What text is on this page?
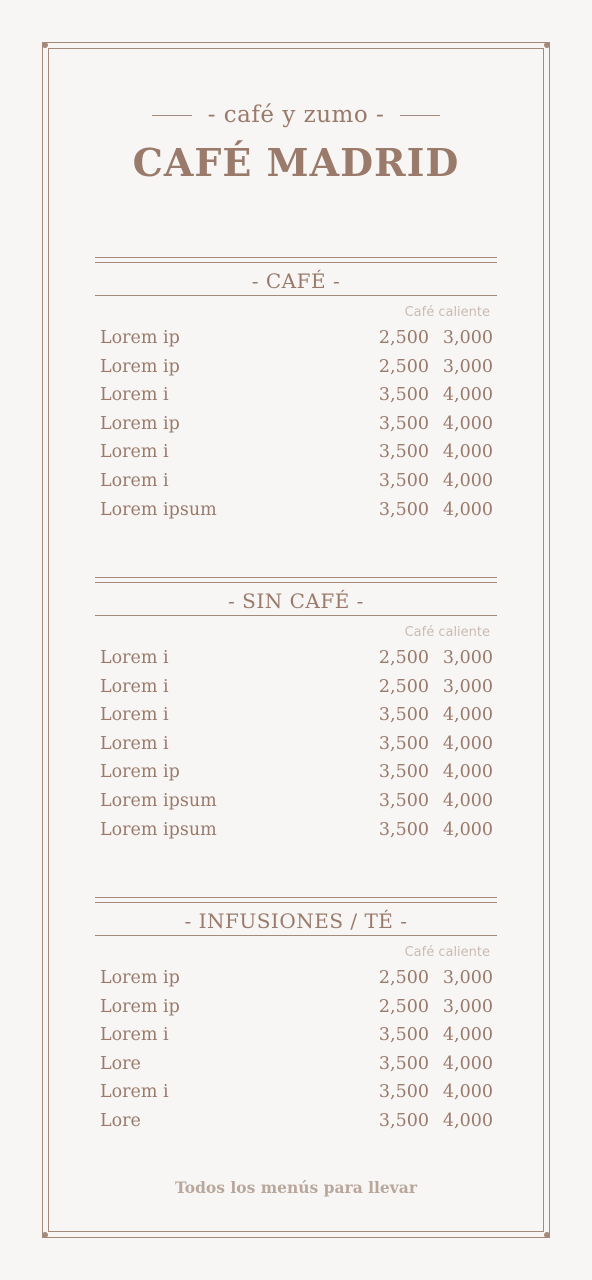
- café y zumo -
CAFÉ MADRID
- CAFÉ -
Café caliente
Lorem ip	2,500 3,000
Lorem ip	2,500 3,000
Lorem i	3,500 4,000
Lorem ip	3,500 4,000
Lorem i	3,500 4,000
Lorem i	3,500 4,000
Lorem ipsum	3,500 4,000
- SIN CAFÉ -
Café caliente
Lorem i	2,500 3,000
Lorem i	2,500 3,000
Lorem i	3,500 4,000
Lorem i	3,500 4,000
Lorem ip	3,500 4,000
Lorem ipsum	3,500 4,000
Lorem ipsum	3,500 4,000
- INFUSIONES / TÉ -
Café caliente
Lorem ip	2,500 3,000
Lorem ip	2,500 3,000
Lorem i	3,500 4,000
Lore	3,500 4,000
Lorem i	3,500 4,000
Lore	3,500 4,000
Todos los menús para llevar
